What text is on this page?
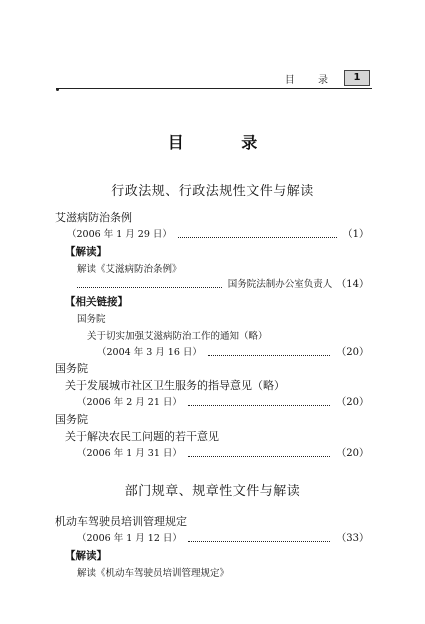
目 录	1
目 录
行政法规、行政法规性文件与解读
艾滋病防治条例
（2006 年 1 月 29 日）	（1）
【解读】
解读《艾滋病防治条例》
国务院法制办公室负责人 （14）
【相关链接】
国务院
关于切实加强艾滋病防治工作的通知（略）
（2004 年 3 月 16 日）	（20）
国务院
关于发展城市社区卫生服务的指导意见（略）
（2006 年 2 月 21 日）	（20）
国务院
关于解决农民工问题的若干意见
（2006 年 1 月 31 日）	（20）
部门规章、规章性文件与解读
机动车驾驶员培训管理规定
（2006 年 1 月 12 日）	（33）
【解读】
解读《机动车驾驶员培训管理规定》
